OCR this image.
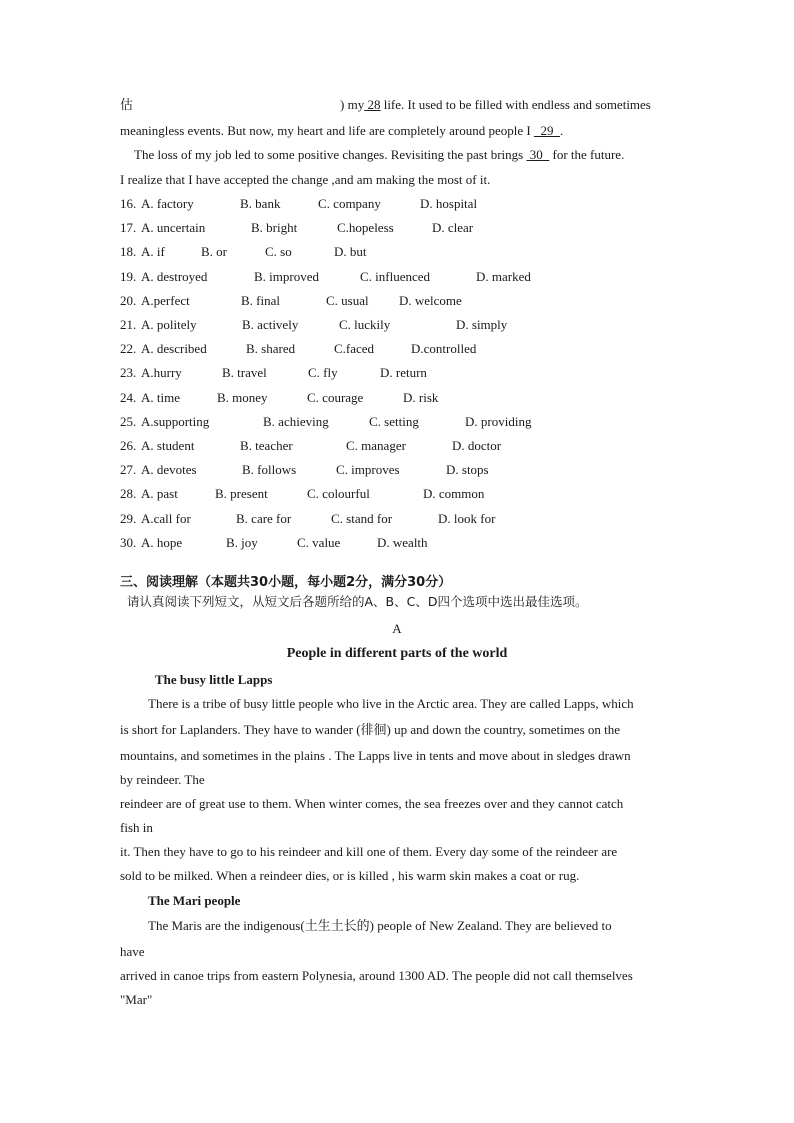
估	) my 28 life. It used to be filled with endless and sometimes
meaningless events. But now, my heart and life are completely around people I 29 .
The loss of my job led to some positive changes. Revisiting the past brings 30 for the future.
I realize that I have accepted the change ,and am making the most of it.
16. A. factory	B. bank	C. company	D. hospital
17. A. uncertain	B. bright	C.hopeless	D. clear
18. A. if	B. or	C. so	D. but
19. A. destroyed	B. improved	C. influenced	D. marked
20. A.perfect	B. final	C. usual D. welcome
21. A. politely	B. actively	C. luckily	D. simply
22. A. described	B. shared	C.faced	D.controlled
23. A.hurry	B. travel	C. fly	D. return
24. A. time	B. money	C. courage	D. risk
25. A.supporting	B. achieving	C. setting	D. providing
26. A. student	B. teacher	C. manager	D. doctor
27. A. devotes	B. follows	C. improves	D. stops
28. A. past	B. present	C. colourful	D. common
29. A.call for	B. care for	C. stand for	D. look for
30. A. hope	B. joy	C. value	D. wealth
三、阅读理解（本题共30小题，每小题2分，满分30分）
请认真阅读下列短文，从短文后各题所给的A、B、C、D四个选项中选出最佳选项。
A
People in different parts of the world
The busy little Lapps
There is a tribe of busy little people who live in the Arctic area. They are called Lapps, which
is short for Laplanders. They have to wander (徘徊) up and down the country, sometimes on the
mountains, and sometimes in the plains . The Lapps live in tents and move about in sledges drawn
by reindeer. The
reindeer are of great use to them. When winter comes, the sea freezes over and they cannot catch
fish in
it. Then they have to go to his reindeer and kill one of them. Every day some of the reindeer are
sold to be milked. When a reindeer dies, or is killed , his warm skin makes a coat or rug.
The Mari people
The Maris are the indigenous(土生土长的) people of New Zealand. They are believed to
have
arrived in canoe trips from eastern Polynesia, around 1300 AD. The people did not call themselves
"Mar"
